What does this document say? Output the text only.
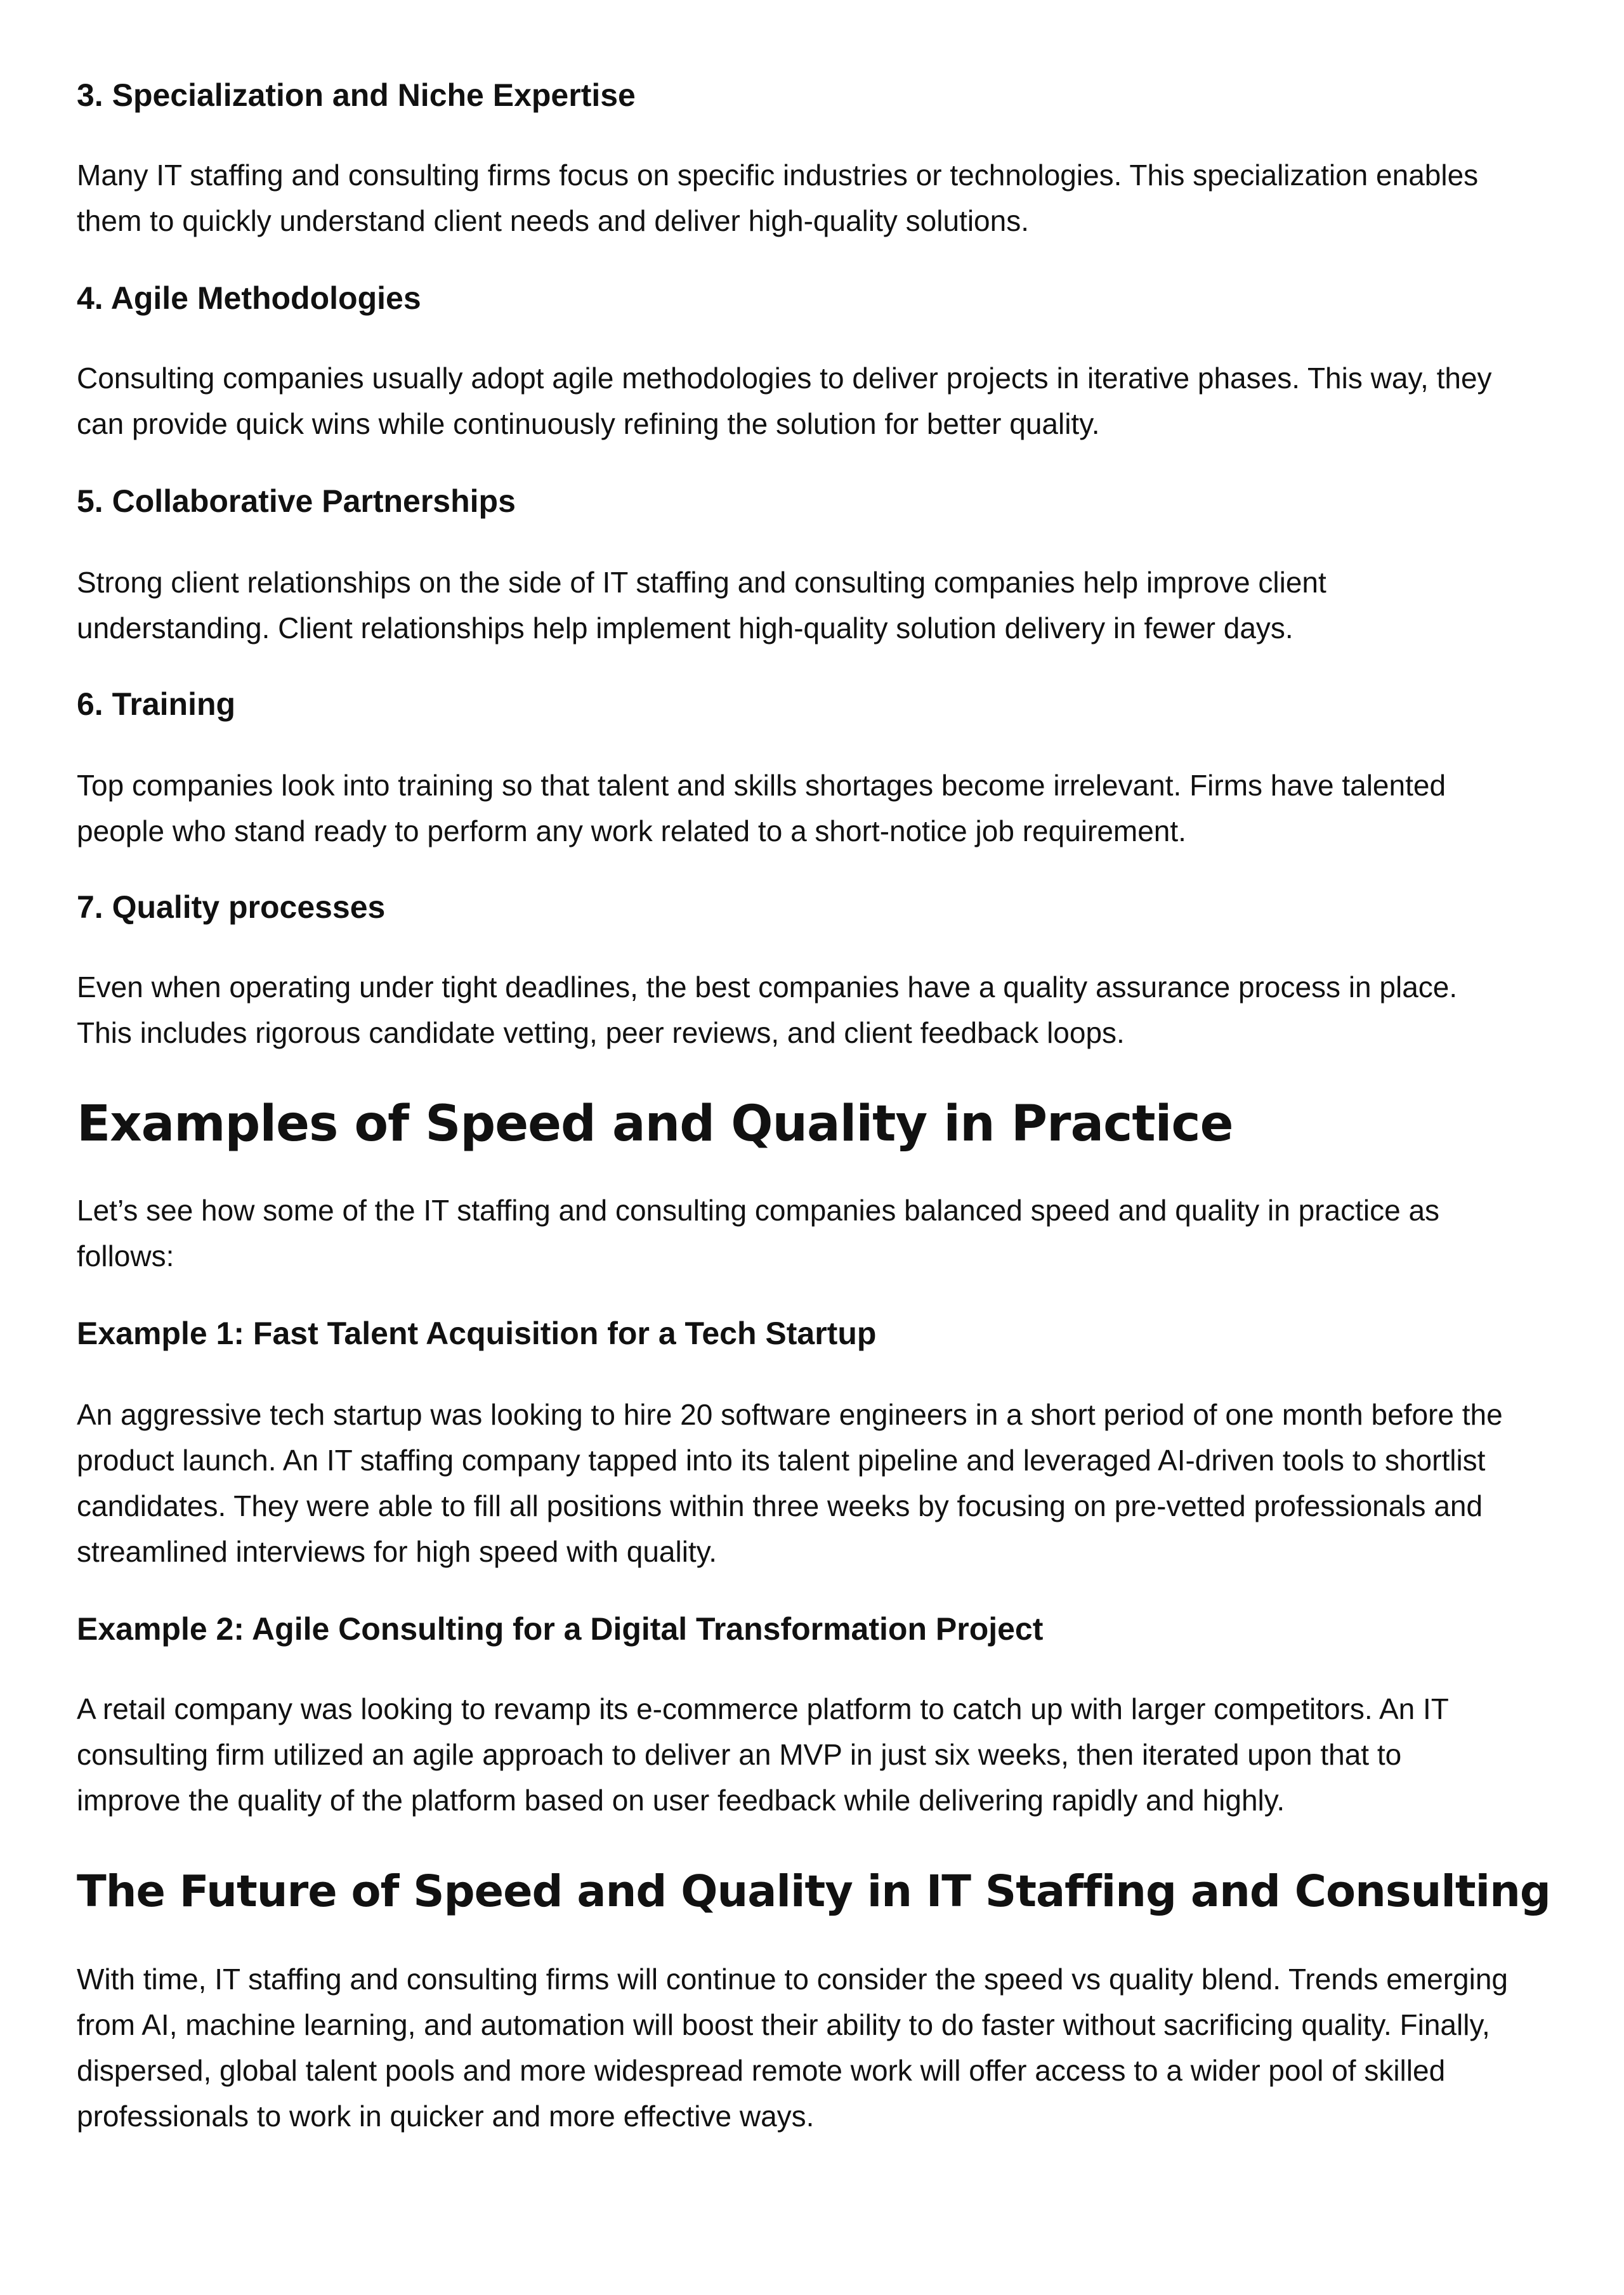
3. Specialization and Niche Expertise
Many IT staffing and consulting firms focus on specific industries or technologies. This specialization enables
them to quickly understand client needs and deliver high-quality solutions.
4. Agile Methodologies
Consulting companies usually adopt agile methodologies to deliver projects in iterative phases. This way, they
can provide quick wins while continuously refining the solution for better quality.
5. Collaborative Partnerships
Strong client relationships on the side of IT staffing and consulting companies help improve client
understanding. Client relationships help implement high-quality solution delivery in fewer days.
6. Training
Top companies look into training so that talent and skills shortages become irrelevant. Firms have talented
people who stand ready to perform any work related to a short-notice job requirement.
7. Quality processes
Even when operating under tight deadlines, the best companies have a quality assurance process in place.
This includes rigorous candidate vetting, peer reviews, and client feedback loops.
Examples of Speed and Quality in Practice
Let’s see how some of the IT staffing and consulting companies balanced speed and quality in practice as
follows:
Example 1: Fast Talent Acquisition for a Tech Startup
An aggressive tech startup was looking to hire 20 software engineers in a short period of one month before the
product launch. An IT staffing company tapped into its talent pipeline and leveraged AI-driven tools to shortlist
candidates. They were able to fill all positions within three weeks by focusing on pre-vetted professionals and
streamlined interviews for high speed with quality.
Example 2: Agile Consulting for a Digital Transformation Project
A retail company was looking to revamp its e-commerce platform to catch up with larger competitors. An IT
consulting firm utilized an agile approach to deliver an MVP in just six weeks, then iterated upon that to
improve the quality of the platform based on user feedback while delivering rapidly and highly.
The Future of Speed and Quality in IT Staffing and Consulting
With time, IT staffing and consulting firms will continue to consider the speed vs quality blend. Trends emerging
from AI, machine learning, and automation will boost their ability to do faster without sacrificing quality. Finally,
dispersed, global talent pools and more widespread remote work will offer access to a wider pool of skilled
professionals to work in quicker and more effective ways.
